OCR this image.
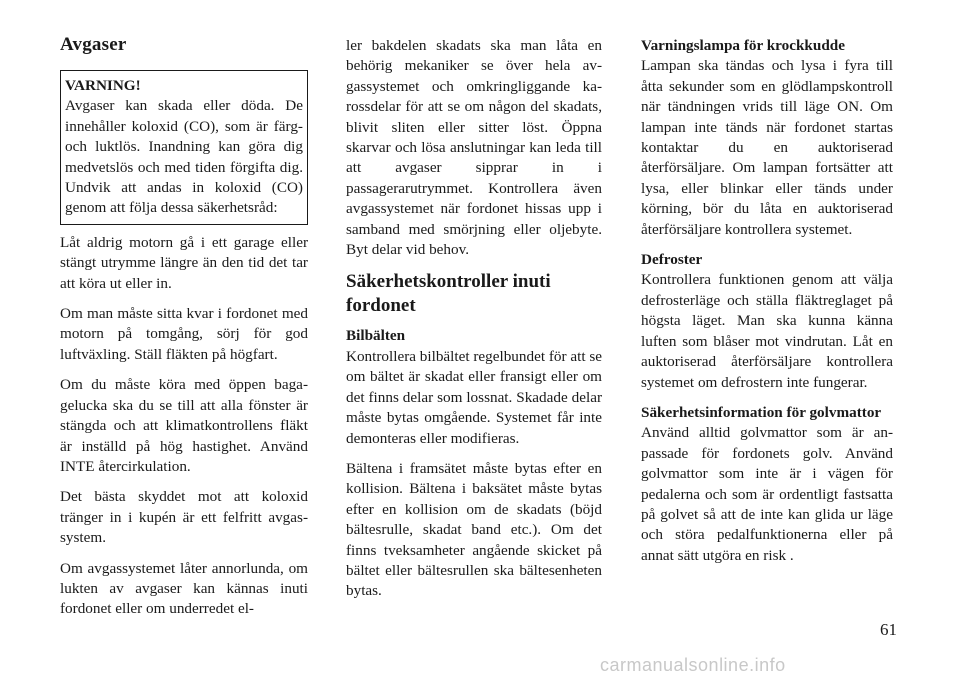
Avgaser
VARNING!
Avgaser kan skada eller döda. De innehåller koloxid (CO), som är färg- och luktlös. Inandning kan göra dig medvetslös och med tiden förgifta dig. Undvik att andas in koloxid (CO) genom att följa dessa säkerhetsråd:

Låt aldrig motorn gå i ett garage eller stängt utrymme längre än den tid det tar att köra ut eller in.

Om man måste sitta kvar i fordonet med motorn på tomgång, sörj för god luftväxling. Ställ fläkten på högfart.

Om du måste köra med öppen bagagelucka ska du se till att alla fönster är stängda och att klimatkontrollens fläkt är inställd på hög hastighet. Använd INTE återcirkulation.

Det bästa skyddet mot att koloxid tränger in i kupén är ett felfritt avgassystem.

Om avgassystemet låter annorlunda, om lukten av avgaser kan kännas inuti fordonet eller om underredet el-

ler bakdelen skadats ska man låta en behörig mekaniker se över hela avgassystemet och omkringliggande karossdelar för att se om någon del skadats, blivit sliten eller sitter löst. Öppna skarvar och lösa anslutningar kan leda till att avgaser sipprar in i passagerarutrymmet. Kontrollera även avgassystemet när fordonet hissas upp i samband med smörjning eller oljebyte. Byt delar vid behov.

Säkerhetskontroller inuti fordonet
Bilbälten

Kontrollera bilbältet regelbundet för att se om bältet är skadat eller fransigt eller om det finns delar som lossnat. Skadade delar måste bytas omgående. Systemet får inte demonteras eller modifieras.

Bältena i framsätet måste bytas efter en kollision. Bältena i baksätet måste bytas efter en kollision om de skadats (böjd bältesrulle, skadat band etc.). Om det finns tveksamheter angående skicket på bältet eller bältesrullen ska bältesenheten bytas.

Varningslampa för krockkudde

Lampan ska tändas och lysa i fyra till åtta sekunder som en glödlampskontroll när tändningen vrids till läge ON. Om lampan inte tänds när fordonet startas kontaktar du en auktoriserad återförsäljare. Om lampan fortsätter att lysa, eller blinkar eller tänds under körning, bör du låta en auktoriserad återförsäljare kontrollera systemet.

Defroster

Kontrollera funktionen genom att välja defrosterläge och ställa fläktreglaget på högsta läget. Man ska kunna känna luften som blåser mot vindrutan. Låt en auktoriserad återförsäljare kontrollera systemet om defrostern inte fungerar.

Säkerhetsinformation för golvmattor

Använd alltid golvmattor som är anpassade för fordonets golv. Använd golvmattor som inte är i vägen för pedalerna och som är ordentligt fastsatta på golvet så att de inte kan glida ur läge och störa pedalfunktionerna eller på annat sätt utgöra en risk .

61
carmanualsonline.info
